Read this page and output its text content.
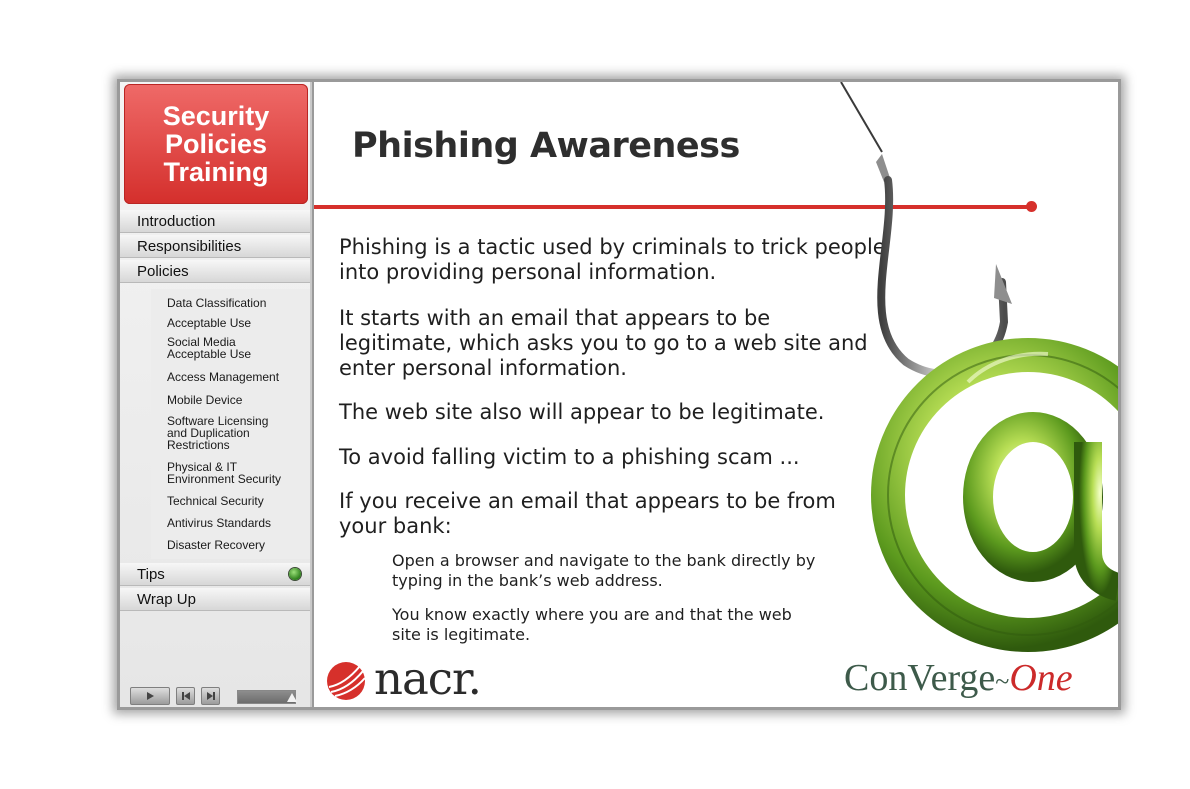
Security
Policies
Training
Introduction
Responsibilities
Policies
Data Classification
Acceptable Use
Social Media
Acceptable Use
Access Management
Mobile Device
Software Licensing
and Duplication
Restrictions
Physical & IT
Environment Security
Technical Security
Antivirus Standards
Disaster Recovery
Tips
Wrap Up
Phishing Awareness
Phishing is a tactic used by criminals to trick people
into providing personal information.
It starts with an email that appears to be
legitimate, which asks you to go to a web site and
enter personal information.
The web site also will appear to be legitimate.
To avoid falling victim to a phishing scam ...
If you receive an email that appears to be from
your bank:
Open a browser and navigate to the bank directly by
typing in the bank’s web address.
You know exactly where you are and that the web
site is legitimate.
nacr.	ConVerge~One
